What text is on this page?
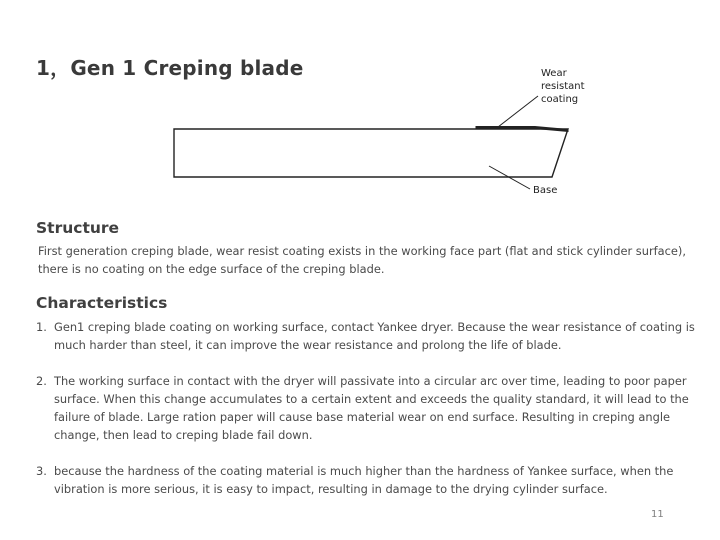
1，Gen 1 Creping blade	Wear resistant coating
Base
Structure
First generation creping blade, wear resist coating exists in the working face part (flat and stick cylinder surface), there is no coating on the edge surface of the creping blade.
Characteristics
1. Gen1 creping blade coating on working surface, contact Yankee dryer. Because the wear resistance of coating is much harder than steel, it can improve the wear resistance and prolong the life of blade.
2. The working surface in contact with the dryer will passivate into a circular arc over time, leading to poor paper surface. When this change accumulates to a certain extent and exceeds the quality standard, it will lead to the failure of blade. Large ration paper will cause base material wear on end surface. Resulting in creping angle change, then lead to creping blade fail down.
3. because the hardness of the coating material is much higher than the hardness of Yankee surface, when the vibration is more serious, it is easy to impact, resulting in damage to the drying cylinder surface.
11
